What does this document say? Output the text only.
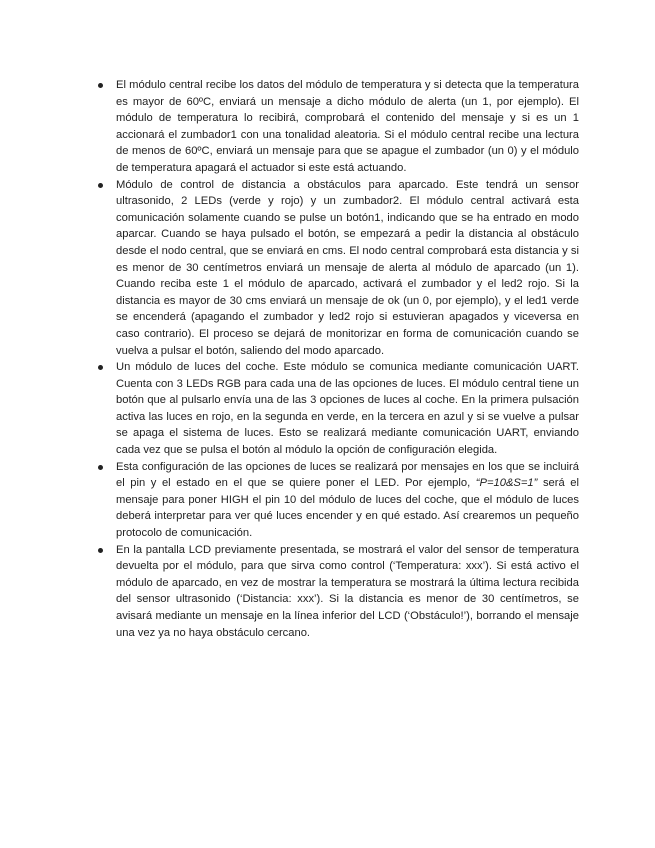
El módulo central recibe los datos del módulo de temperatura y si detecta que la temperatura es mayor de 60ºC, enviará un mensaje a dicho módulo de alerta (un 1, por ejemplo). El módulo de temperatura lo recibirá, comprobará el contenido del mensaje y si es un 1 accionará el zumbador1 con una tonalidad aleatoria. Si el módulo central recibe una lectura de menos de 60ºC, enviará un mensaje para que se apague el zumbador (un 0) y el módulo de temperatura apagará el actuador si este está actuando.
Módulo de control de distancia a obstáculos para aparcado. Este tendrá un sensor ultrasonido, 2 LEDs (verde y rojo) y un zumbador2. El módulo central activará esta comunicación solamente cuando se pulse un botón1, indicando que se ha entrado en modo aparcar. Cuando se haya pulsado el botón, se empezará a pedir la distancia al obstáculo desde el nodo central, que se enviará en cms. El nodo central comprobará esta distancia y si es menor de 30 centímetros enviará un mensaje de alerta al módulo de aparcado (un 1). Cuando reciba este 1 el módulo de aparcado, activará el zumbador y el led2 rojo. Si la distancia es mayor de 30 cms enviará un mensaje de ok (un 0, por ejemplo), y el led1 verde se encenderá (apagando el zumbador y led2 rojo si estuvieran apagados y viceversa en caso contrario). El proceso se dejará de monitorizar en forma de comunicación cuando se vuelva a pulsar el botón, saliendo del modo aparcado.
Un módulo de luces del coche. Este módulo se comunica mediante comunicación UART. Cuenta con 3 LEDs RGB para cada una de las opciones de luces. El módulo central tiene un botón que al pulsarlo envía una de las 3 opciones de luces al coche. En la primera pulsación activa las luces en rojo, en la segunda en verde, en la tercera en azul y si se vuelve a pulsar se apaga el sistema de luces. Esto se realizará mediante comunicación UART, enviando cada vez que se pulsa el botón al módulo la opción de configuración elegida.
Esta configuración de las opciones de luces se realizará por mensajes en los que se incluirá el pin y el estado en el que se quiere poner el LED. Por ejemplo, “P=10&S=1” será el mensaje para poner HIGH el pin 10 del módulo de luces del coche, que el módulo de luces deberá interpretar para ver qué luces encender y en qué estado. Así crearemos un pequeño protocolo de comunicación.
En la pantalla LCD previamente presentada, se mostrará el valor del sensor de temperatura devuelta por el módulo, para que sirva como control (‘Temperatura: xxx’). Si está activo el módulo de aparcado, en vez de mostrar la temperatura se mostrará la última lectura recibida del sensor ultrasonido (‘Distancia: xxx’). Si la distancia es menor de 30 centímetros, se avisará mediante un mensaje en la línea inferior del LCD (‘Obstáculo!’), borrando el mensaje una vez ya no haya obstáculo cercano.
